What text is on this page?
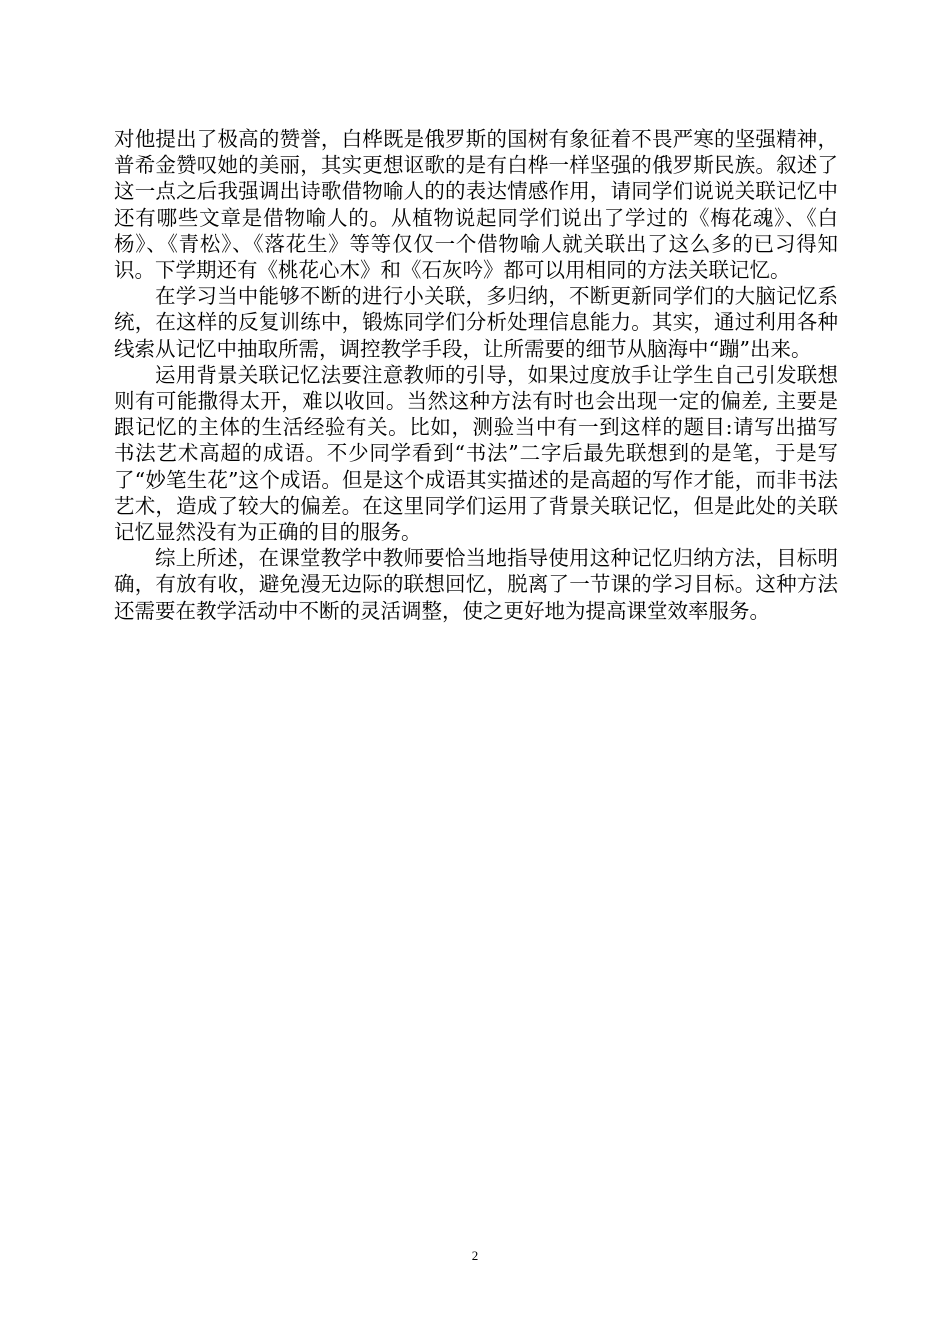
对他提出了极高的赞誉，白桦既是俄罗斯的国树有象征着不畏严寒的坚强精神，普希金赞叹她的美丽，其实更想讴歌的是有白桦一样坚强的俄罗斯民族。叙述了这一点之后我强调出诗歌借物喻人的的表达情感作用，请同学们说说关联记忆中还有哪些文章是借物喻人的。从植物说起同学们说出了学过的《梅花魂》、《白杨》、《青松》、《落花生》等等仅仅一个借物喻人就关联出了这么多的已习得知识。下学期还有《桃花心木》和《石灰吟》都可以用相同的方法关联记忆。

在学习当中能够不断的进行小关联，多归纳，不断更新同学们的大脑记忆系统，在这样的反复训练中，锻炼同学们分析处理信息能力。其实，通过利用各种线索从记忆中抽取所需，调控教学手段，让所需要的细节从脑海中“蹦”出来。

运用背景关联记忆法要注意教师的引导，如果过度放手让学生自己引发联想则有可能撒得太开，难以收回。当然这种方法有时也会出现一定的偏差, 主要是跟记忆的主体的生活经验有关。比如，测验当中有一到这样的题目:请写出描写书法艺术高超的成语。不少同学看到“书法”二字后最先联想到的是笔，于是写了“妙笔生花”这个成语。但是这个成语其实描述的是高超的写作才能，而非书法艺术，造成了较大的偏差。在这里同学们运用了背景关联记忆，但是此处的关联记忆显然没有为正确的目的服务。

综上所述，在课堂教学中教师要恰当地指导使用这种记忆归纳方法，目标明确，有放有收，避免漫无边际的联想回忆，脱离了一节课的学习目标。这种方法还需要在教学活动中不断的灵活调整，使之更好地为提高课堂效率服务。

2
